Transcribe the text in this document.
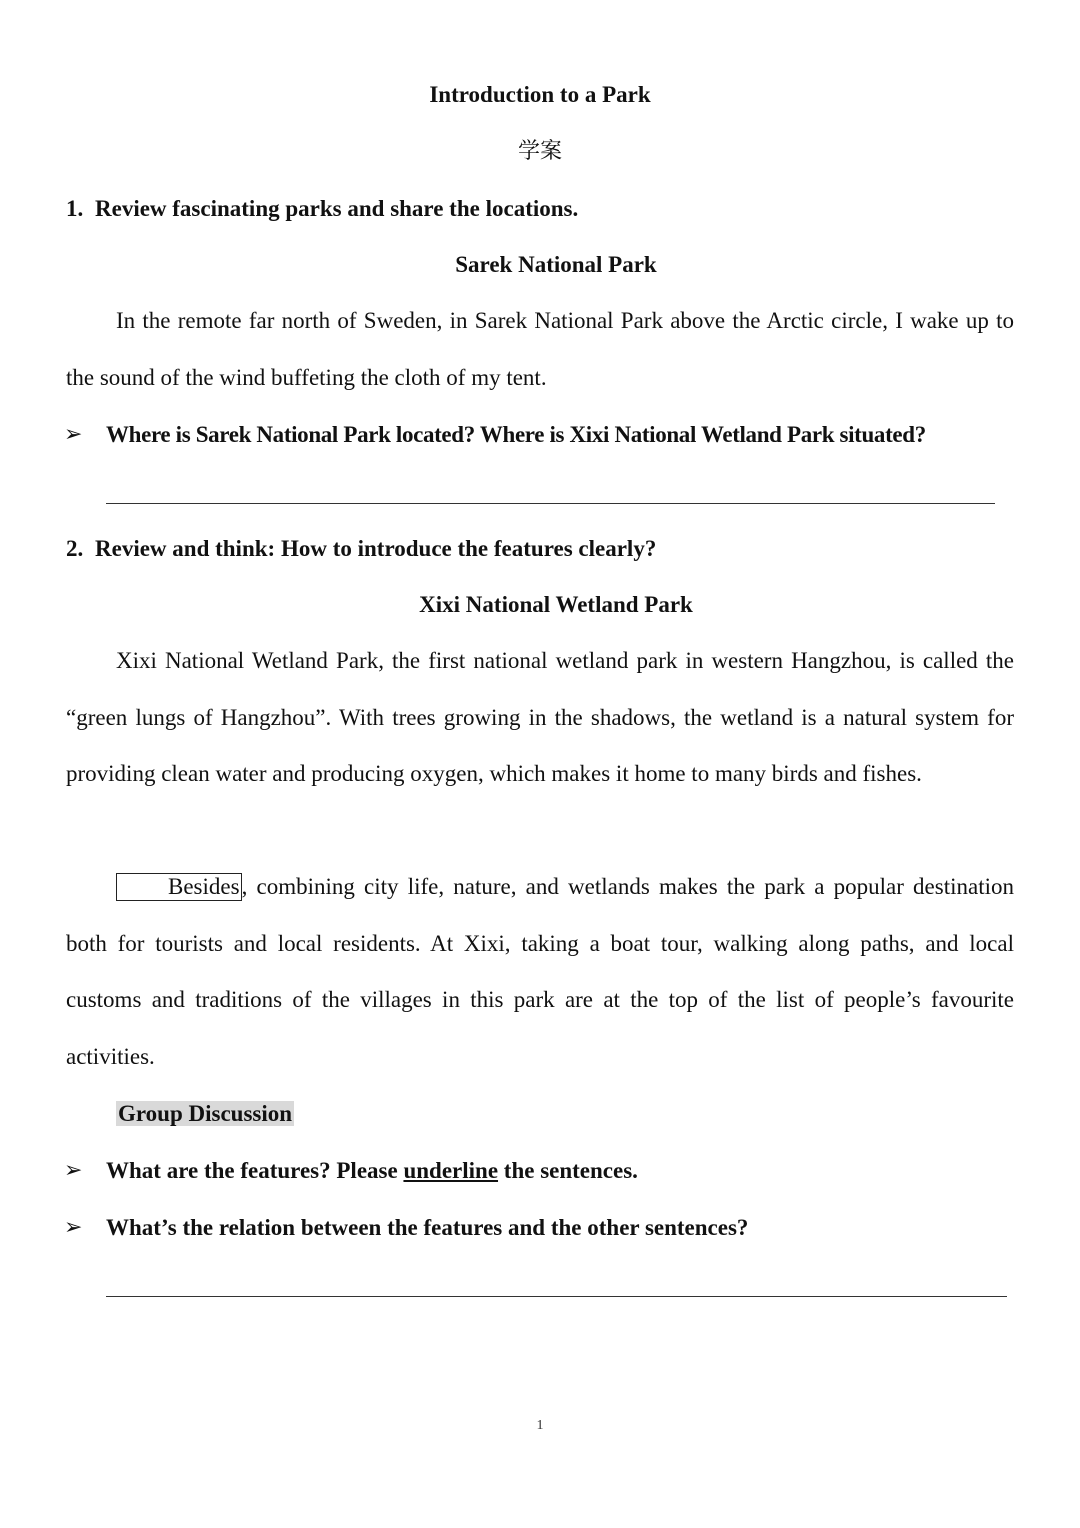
Introduction to a Park
学案
1. Review fascinating parks and share the locations.
Sarek National Park
In the remote far north of Sweden, in Sarek National Park above the Arctic circle, I wake up to the sound of the wind buffeting the cloth of my tent.
➢ Where is Sarek National Park located? Where is Xixi National Wetland Park situated?
2. Review and think: How to introduce the features clearly?
Xixi National Wetland Park
Xixi National Wetland Park, the first national wetland park in western Hangzhou, is called the “green lungs of Hangzhou”. With trees growing in the shadows, the wetland is a natural system for providing clean water and producing oxygen, which makes it home to many birds and fishes.
Besides, combining city life, nature, and wetlands makes the park a popular destination both for tourists and local residents. At Xixi, taking a boat tour, walking along paths, and local customs and traditions of the villages in this park are at the top of the list of people’s favourite activities.
Group Discussion
➢ What are the features? Please underline the sentences.
➢ What’s the relation between the features and the other sentences?
1
